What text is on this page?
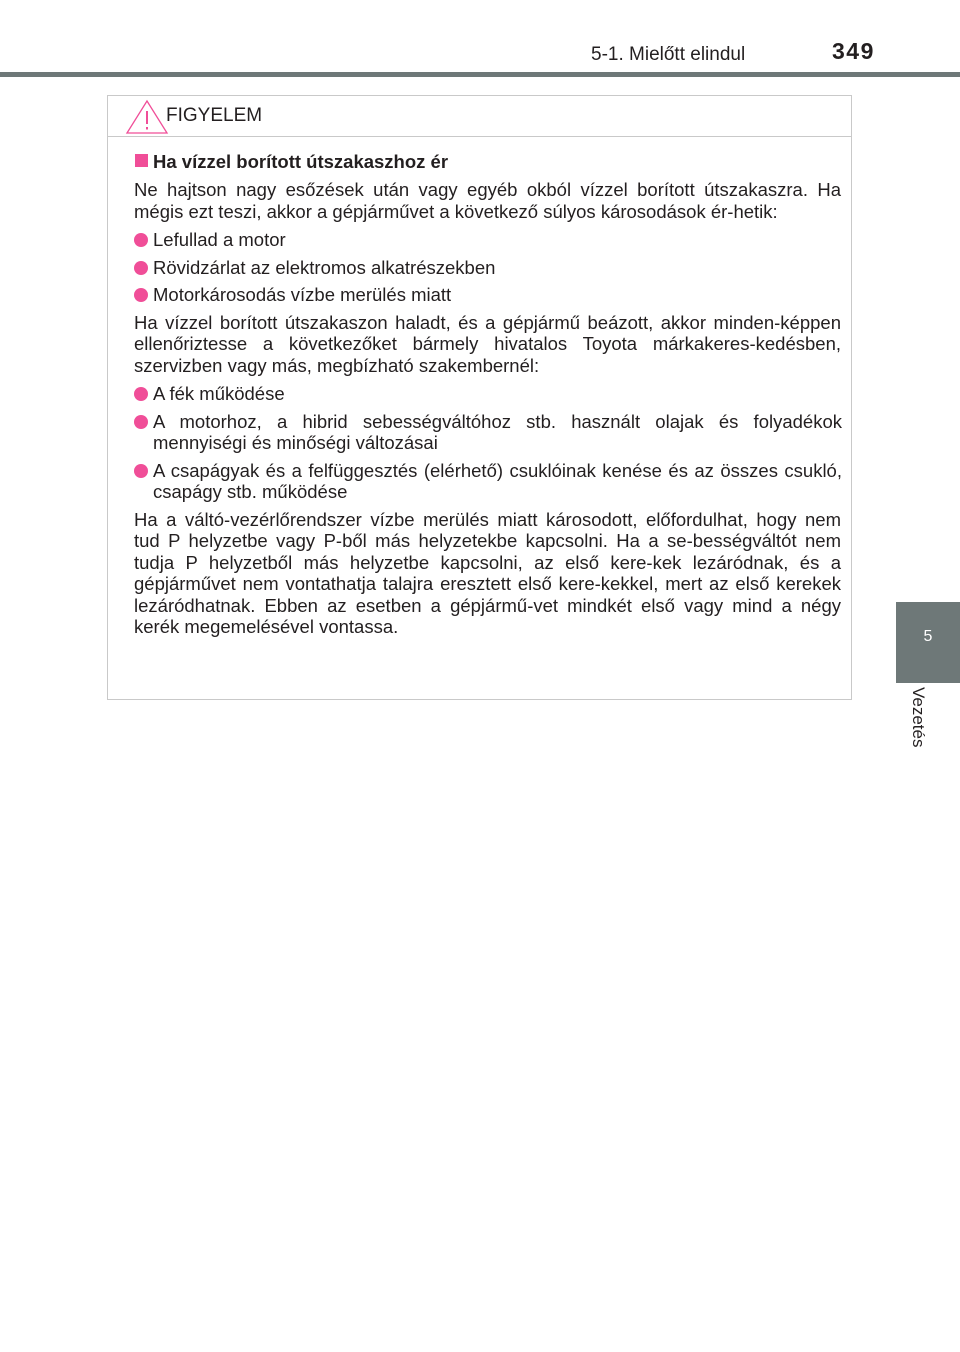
5-1. Mielőtt elindul	349
5
Vezetés
FIGYELEM
Ha vízzel borított útszakaszhoz ér

Ne hajtson nagy esőzések után vagy egyéb okból vízzel borított útszakaszra. Ha mégis ezt teszi, akkor a gépjárművet a következő súlyos károsodások ér-hetik:

Lefullad a motor
Rövidzárlat az elektromos alkatrészekben
Motorkárosodás vízbe merülés miatt

Ha vízzel borított útszakaszon haladt, és a gépjármű beázott, akkor minden-képpen ellenőriztesse a következőket bármely hivatalos Toyota márkakeres-kedésben, szervizben vagy más, megbízható szakembernél:

A fék működése
A motorhoz, a hibrid sebességváltóhoz stb. használt olajak és folyadékok mennyiségi és minőségi változásai
A csapágyak és a felfüggesztés (elérhető) csuklóinak kenése és az összes csukló, csapágy stb. működése

Ha a váltó-vezérlőrendszer vízbe merülés miatt károsodott, előfordulhat, hogy nem tud P helyzetbe vagy P-ből más helyzetekbe kapcsolni. Ha a se-bességváltót nem tudja P helyzetből más helyzetbe kapcsolni, az első kere-kek lezáródnak, és a gépjárművet nem vontathatja talajra eresztett első kere-kekkel, mert az első kerekek lezáródhatnak. Ebben az esetben a gépjármű-vet mindkét első vagy mind a négy kerék megemelésével vontassa.
